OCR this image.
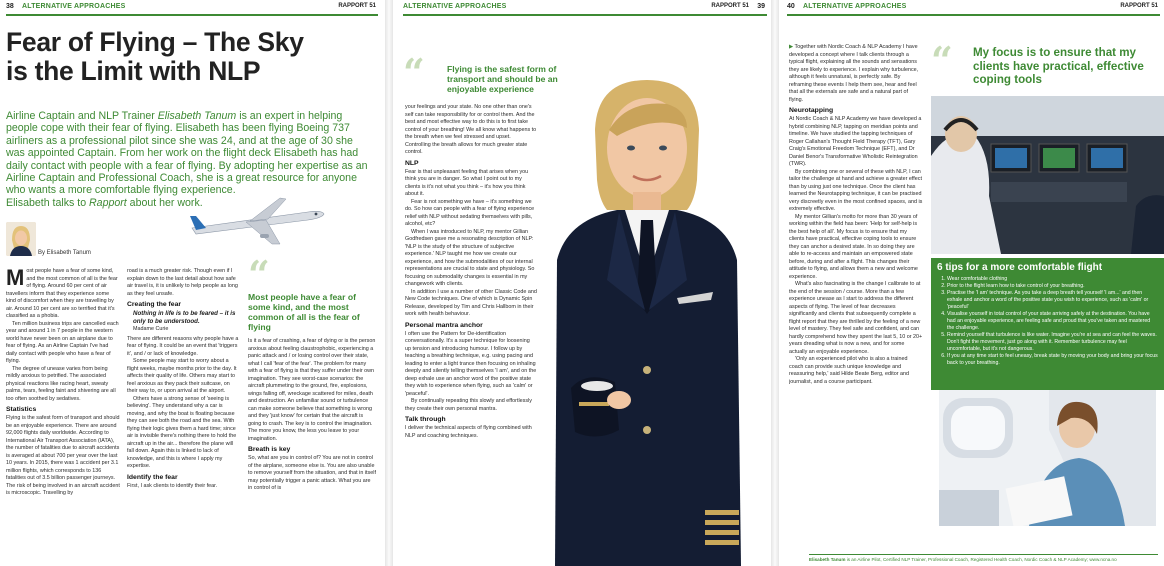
38 ALTERNATIVE APPROACHES	RAPPORT 51
Fear of Flying – The Sky
is the Limit with NLP
Airline Captain and NLP Trainer Elisabeth Tanum is an expert in helping people cope with their fear of flying. Elisabeth has been flying Boeing 737 airliners as a professional pilot since she was 24, and at the age of 30 she was appointed Captain. From her work on the flight deck Elisabeth has had daily contact with people with a fear of flying. By adopting her expertise as an Airline Captain and Professional Coach, she is a great resource for anyone who wants a more comfortable flying experience.
Elisabeth talks to Rapport about her work.
By Elisabeth Tanum
M ost people have a fear of some kind, and the most common of all is the fear of flying. Around 60 per cent of air travellers inform that they experience some kind of discomfort when they are travelling by air. Around 10 per cent are so terrified that it's classified as a phobia.

Ten million business trips are cancelled each year and around 1 in 7 people in the western world have never been on an airplane due to fear of flying. As an Airline Captain I've had daily contact with people who have a fear of flying.

The degree of unease varies from being mildly anxious to petrified. The associated physical reactions like racing heart, sweaty palms, tears, feeling faint and shivering are all too often soothed by sedatives.

Statistics

Flying is the safest form of transport and should be an enjoyable experience. There are around 92,000 flights daily worldwide. According to International Air Transport Association (IATA), the number of fatalities due to aircraft accidents is averaged at about 700 per year over the last 10 years. In 2015, there was 1 accident per 3.1 million flights, which corresponds to 136 fatalities out of 3.5 billion passenger journeys. The risk of being involved in an aircraft accident is microscopic. Travelling by

road is a much greater risk. Though even if I explain down to the last detail about how safe air travel is, it is unlikely to help people as long as they feel unsafe.

Creating the fear

Nothing in life is to be feared – it is only to be understood.

Madame Curie

There are different reasons why people have a fear of flying. It could be an event that 'triggers it', and / or lack of knowledge.

Some people may start to worry about a flight weeks, maybe months prior to the day. It affects their quality of life. Others may start to feel anxious as they pack their suitcase, on their way to, or upon arrival at the airport.

Others have a strong sense of 'seeing is believing'. They understand why a car is moving, and why the boat is floating because they can see both the road and the sea. With flying their logic gives them a hard time; since air is invisible there's nothing there to hold the aircraft up in the air... therefore the plane will fall down. Again this is linked to lack of knowledge, and this is where I apply my expertise.

Identify the fear

First, I ask clients to identify their fear.

“
Most people have a fear of some kind, and the most common of all is the fear of flying

Is it a fear of crashing, a fear of dying or is the person anxious about feeling claustrophobic, experiencing a panic attack and / or losing control over their state, what I call 'fear of the fear'. The problem for many with a fear of flying is that they suffer under their own imagination. They see worst-case scenarios: the aircraft plummeting to the ground, fire, explosions, wings falling off, wreckage scattered for miles, death and destruction. An unfamiliar sound or turbulence can make someone believe that something is wrong and they 'just know' for certain that the aircraft is going to crash. The key is to control the imagination. The more you know, the less you leave to your imagination.

Breath is key

So, what are you in control of? You are not in control of the airplane, someone else is. You are also unable to remove yourself from the situation, and that in itself may potentially trigger a panic attack. What you are in control of is

ALTERNATIVE APPROACHES	RAPPORT 51 39
“	Flying is the safest form of transport and should be an enjoyable experience

your feelings and your state. No one other than one's self can take responsibility for or control them. And the best and most effective way to do this is to first take control of your breathing! We all know what happens to the breath when we feel stressed and upset. Controlling the breath allows for much greater state control.

NLP

Fear is that unpleasant feeling that arises when you think you are in danger. So what I point out to my clients is it's not what you think – it's how you think about it.

Fear is not something we have – it's something we do. So how can people with a fear of flying experience relief with NLP without sedating themselves with pills, alcohol, etc?

When I was introduced to NLP, my mentor Gillian Godfredsen gave me a resonating description of NLP: 'NLP is the study of the structure of subjective experience.' NLP taught me how we create our experience, and how the submodalities of our internal representations are crucial to state and physiology. So focusing on submodality changes is essential in my changework with clients.

In addition I use a number of other Classic Code and New Code techniques. One of which is Dynamic Spin Release, developed by Tim and Chris Hallbom in their work with health behaviour.

Personal mantra anchor

I often use the Pattern for De-identification conversationally. It's a super technique for loosening up tension and introducing humour. I follow up by teaching a breathing technique, e.g. using pacing and leading to enter a light trance then focusing on inhaling deeply and silently telling themselves 'I am', and on the deep exhale use an anchor word of the positive state they wish to experience when flying, such as 'calm' or 'peaceful'.

By continually repeating this slowly and effortlessly they create their own personal mantra.

Talk through

I deliver the technical aspects of flying combined with NLP and coaching techniques.

40 ALTERNATIVE APPROACHES	RAPPORT 51

▶ Together with Nordic Coach & NLP Academy I have developed a concept where I talk clients through a typical flight, explaining all the sounds and sensations they are likely to experience. I explain why turbulence, although it feels unnatural, is perfectly safe. By reframing these events I help them see, hear and feel that all the externals are safe and a natural part of flying.

Neurotapping

At Nordic Coach & NLP Academy we have developed a hybrid combining NLP, tapping on meridian points and timeline. We have studied the tapping techniques of Roger Callahan's Thought Field Therapy (TFT), Gary Craig's Emotional Freedom Technique (EFT), and Dr Daniel Benor's Transformative Wholistic Reintegration (TWR).

By combining one or several of these with NLP, I can tailor the challenge at hand and achieve a greater effect than by using just one technique. Once the client has learned the Neurotapping technique, it can be practised very discreetly even in the most confined spaces, and is extremely effective.

My mentor Gillian's motto for more than 30 years of working within the field has been: 'Help for self-help is the best help of all'. My focus is to ensure that my clients have practical, effective coping tools to ensure they can anchor a desired state. In so doing they are able to re-access and maintain an empowered state before, during and after a flight. This changes their attitude to flying, and allows them a new and welcome experience.

What's also fascinating is the change I calibrate to at the end of the session / course. More than a few experience unease as I start to address the different aspects of flying. The level of fear decreases significantly and clients that subsequently complete a flight report that they are thrilled by the feeling of a new level of mastery. They feel safe and confident, and can hardly comprehend how they spent the last 5, 10 or 20+ years dreading what is now a new, and for some actually an enjoyable experience.

'Only an experienced pilot who is also a trained coach can provide such unique knowledge and reassuring help,' said Hilde Beate Berg, editor and journalist, and a course participant.

“ My focus is to ensure that my clients have practical, effective coping tools
6 tips for a more comfortable flight
1. Wear comfortable clothing
2. Prior to the flight learn how to take control of your breathing.
3. Practise the 'I am' technique. As you take a deep breath tell yourself 'I am...' and then exhale and anchor a word of the positive state you wish to experience, such as 'calm' or 'peaceful'
4. Visualise yourself in total control of your state arriving safely at the destination. You have had an enjoyable experience, are feeling safe and proud that you've taken and mastered the challenge.
5. Remind yourself that turbulence is like water. Imagine you're at sea and can feel the waves. Don't fight the movement, just go along with it. Remember turbulence may feel uncomfortable, but it's not dangerous.
6. If you at any time start to feel uneasy, break state by moving your body and bring your focus back to your breathing.
Elisabeth Tanum is an Airline Pilot, Certified NLP Trainer, Professional Coach, Registered Health Coach, Nordic Coach & NLP Academy; www.ncna.no
